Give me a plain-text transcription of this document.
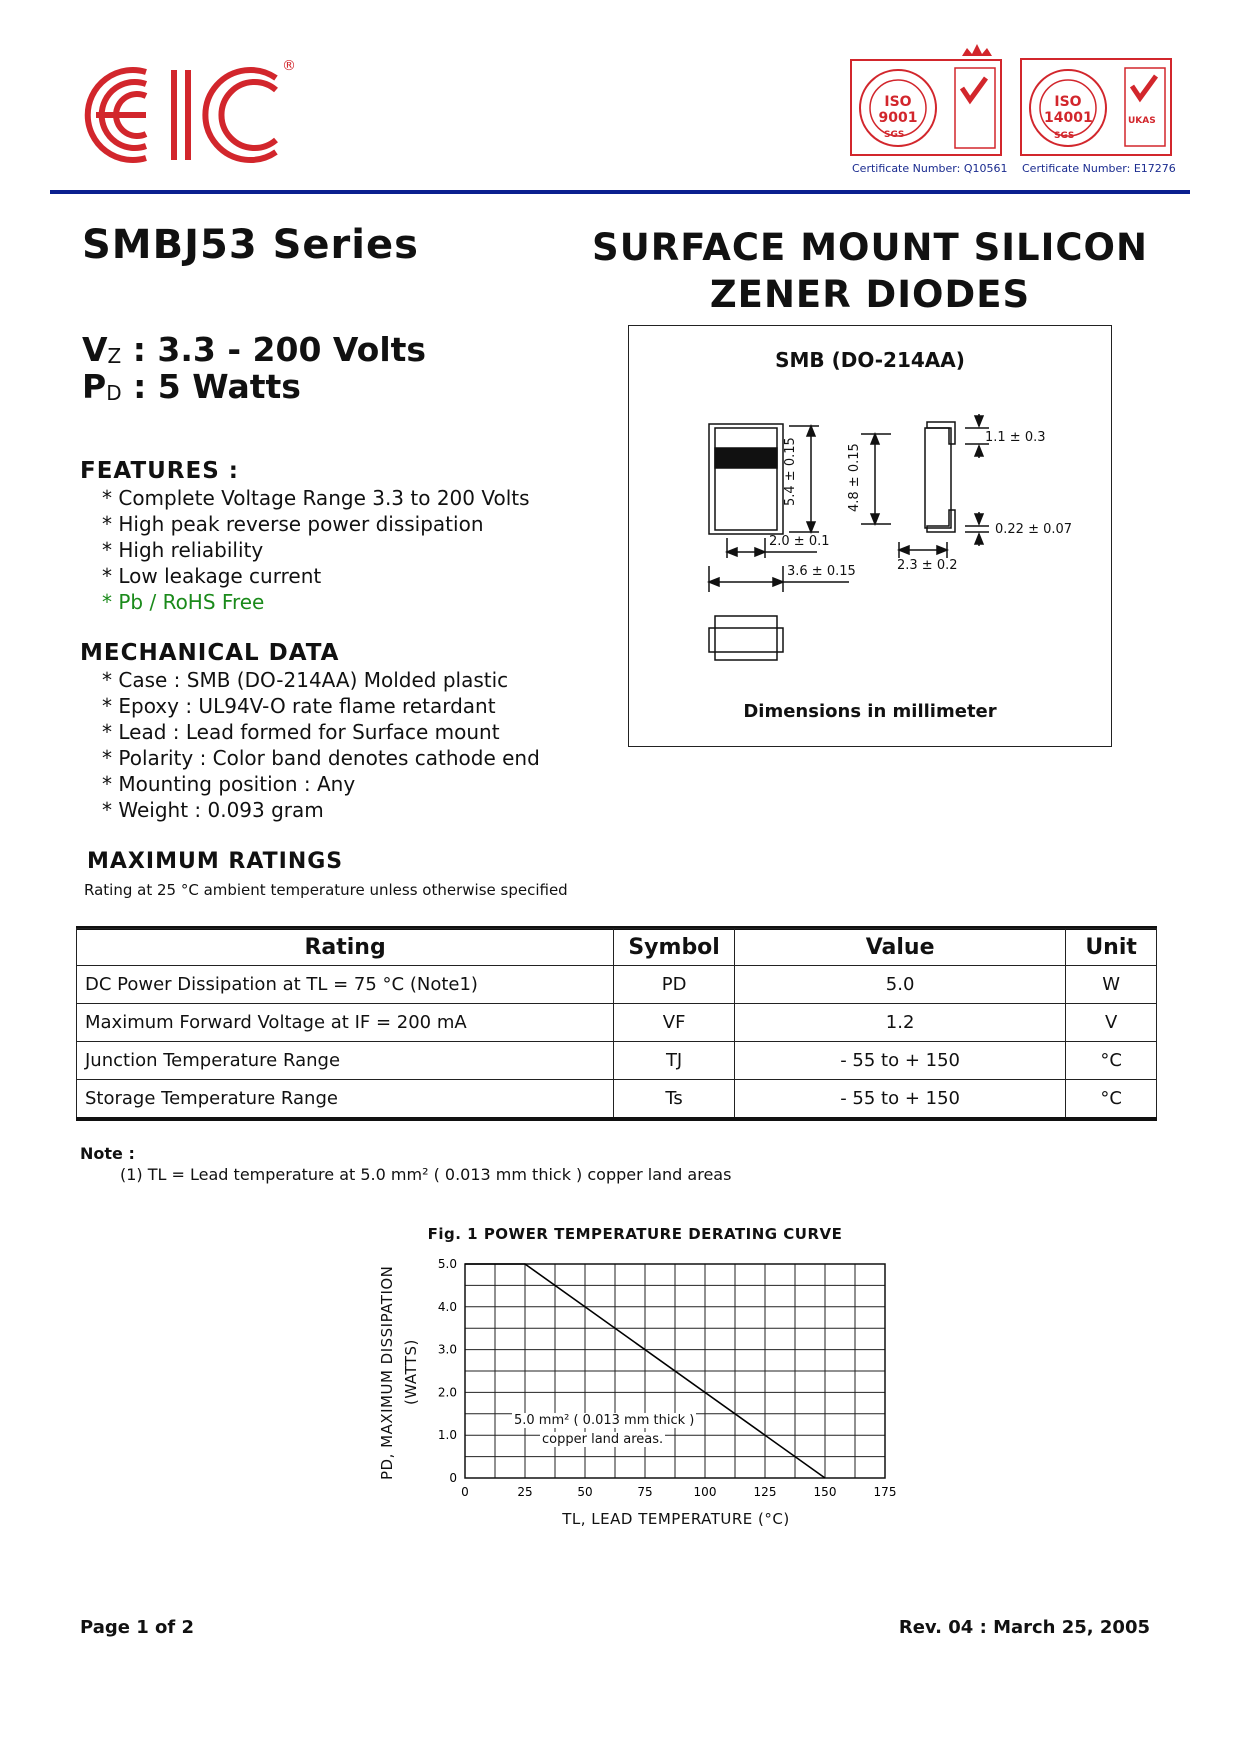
®
ISO 9001
SGS
Certificate Number: Q10561
ISO 14001
SGS
UKAS
Certificate Number: E17276
SMBJ53 Series	SURFACE MOUNT SILICON
ZENER DIODES
$V_Z$ : 3.3 - 200 Volts
$P_D$ : 5 Watts
FEATURES :
* Complete Voltage Range 3.3 to 200 Volts
* High peak reverse power dissipation
* High reliability
* Low leakage current
* Pb / RoHS Free
MECHANICAL DATA
* Case : SMB (DO-214AA) Molded plastic
* Epoxy : UL94V-O rate flame retardant
* Lead : Lead formed for Surface mount
* Polarity : Color band denotes cathode end
* Mounting position : Any
* Weight : 0.093 gram
SMB (DO-214AA)
5.4 ± 0.15	4.8 ± 0.15
1.1 ± 0.3
0.22 ± 0.07
2.0 ± 0.1
3.6 ± 0.15	2.3 ± 0.2
Dimensions in millimeter
MAXIMUM RATINGS
Rating at 25 °C ambient temperature unless otherwise specified
Rating	Symbol	Value	Unit
DC Power Dissipation at TL = 75 °C (Note1)	PD	5.0	W
Maximum Forward Voltage at IF = 200 mA	VF	1.2	V
Junction Temperature Range	TJ	- 55 to + 150	°C
Storage Temperature Range	Ts	- 55 to + 150	°C
Note :
(1) TL = Lead temperature at 5.0 mm² ( 0.013 mm thick ) copper land areas
Fig. 1 POWER TEMPERATURE DERATING CURVE
PD, MAXIMUM DISSIPATION (WATTS)
0	25	50	75	100	125	150	175
0
1.0
2.0
3.0
4.0
5.0
5.0 mm² ( 0.013 mm thick )
copper land areas.
TL, LEAD TEMPERATURE (°C)
Page 1 of 2	Rev. 04 : March 25, 2005
